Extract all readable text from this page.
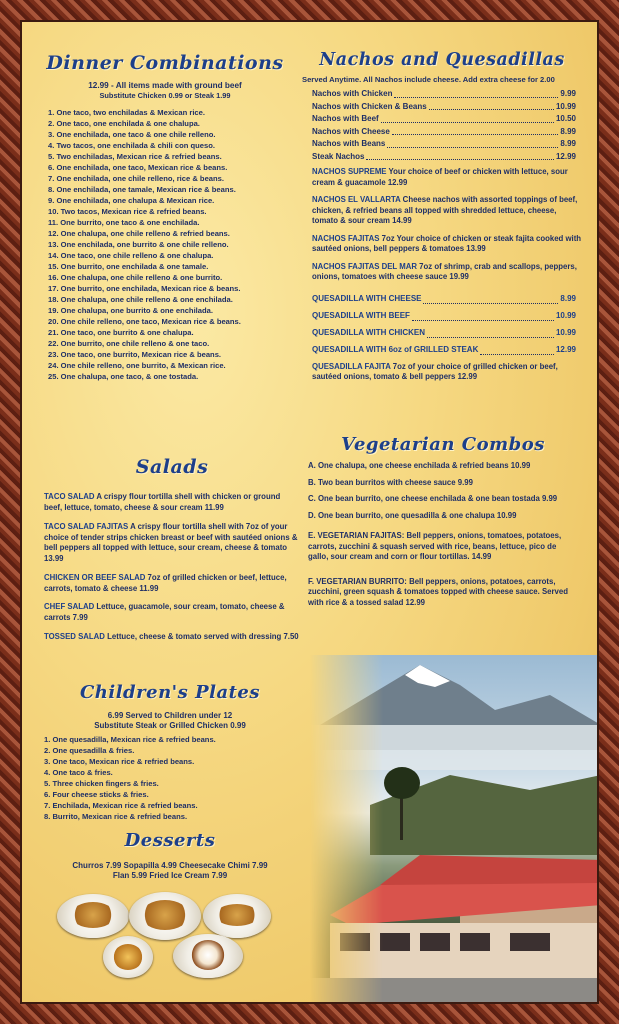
Dinner Combinations
12.99 - All items made with ground beef
Substitute Chicken 0.99 or Steak 1.99
1. One taco, two enchiladas & Mexican rice.
2. One taco, one enchilada & one chalupa.
3. One enchilada, one taco & one chile relleno.
4. Two tacos, one enchilada & chili con queso.
5. Two enchiladas, Mexican rice & refried beans.
6. One enchilada, one taco, Mexican rice & beans.
7. One enchilada, one chile relleno, rice & beans.
8. One enchilada, one tamale, Mexican rice & beans.
9. One enchilada, one chalupa & Mexican rice.
10. Two tacos, Mexican rice & refried beans.
11. One burrito, one taco & one enchilada.
12. One chalupa, one chile relleno & refried beans.
13. One enchilada, one burrito & one chile relleno.
14. One taco, one chile relleno & one chalupa.
15. One burrito, one enchilada & one tamale.
16. One chalupa, one chile relleno & one burrito.
17. One burrito, one enchilada, Mexican rice & beans.
18. One chalupa, one chile relleno & one enchilada.
19. One chalupa, one burrito & one enchilada.
20. One chile relleno, one taco, Mexican rice & beans.
21. One taco, one burrito & one chalupa.
22. One burrito, one chile relleno & one taco.
23. One taco, one burrito, Mexican rice & beans.
24. One chile relleno, one burrito, & Mexican rice.
25. One chalupa, one taco, & one tostada.
Salads
TACO SALAD A crispy flour tortilla shell with chicken or ground beef, lettuce, tomato, cheese & sour cream 11.99
TACO SALAD FAJITAS A crispy flour tortilla shell with 7oz of your choice of tender strips chicken breast or beef with sautéed onions & bell peppers all topped with lettuce, sour cream, cheese & tomato 13.99
CHICKEN OR BEEF SALAD 7oz of grilled chicken or beef, lettuce, carrots, tomato & cheese 11.99
CHEF SALAD Lettuce, guacamole, sour cream, tomato, cheese & carrots 7.99
TOSSED SALAD Lettuce, cheese & tomato served with dressing 7.50
Children's Plates
6.99 Served to Children under 12
Substitute Steak or Grilled Chicken 0.99
1. One quesadilla, Mexican rice & refried beans.
2. One quesadilla & fries.
3. One taco, Mexican rice & refried beans.
4. One taco & fries.
5. Three chicken fingers & fries.
6. Four cheese sticks & fries.
7. Enchilada, Mexican rice & refried beans.
8. Burrito, Mexican rice & refried beans.
Desserts
Churros 7.99 Sopapilla 4.99 Cheesecake Chimi 7.99
Flan 5.99 Fried Ice Cream 7.99
Nachos and Quesadillas
Served Anytime. All Nachos include cheese. Add extra cheese for 2.00
Nachos with Chicken	9.99
Nachos with Chicken & Beans	10.99
Nachos with Beef	10.50
Nachos with Cheese	8.99
Nachos with Beans	8.99
Steak Nachos	12.99
NACHOS SUPREME Your choice of beef or chicken with lettuce, sour cream & guacamole 12.99
NACHOS EL VALLARTA Cheese nachos with assorted toppings of beef, chicken, & refried beans all topped with shredded lettuce, cheese, tomato & sour cream 14.99
NACHOS FAJITAS 7oz Your choice of chicken or steak fajita cooked with sautéed onions, bell peppers & tomatoes 13.99
NACHOS FAJITAS DEL MAR 7oz of shrimp, crab and scallops, peppers, onions, tomatoes with cheese sauce 19.99
QUESADILLA WITH CHEESE	8.99
QUESADILLA WITH BEEF	10.99
QUESADILLA WITH CHICKEN	10.99
QUESADILLA WITH 6oz of GRILLED STEAK	12.99
QUESADILLA FAJITA 7oz of your choice of grilled chicken or beef, sautéed onions, tomato & bell peppers 12.99
Vegetarian Combos
A. One chalupa, one cheese enchilada & refried beans 10.99
B. Two bean burritos with cheese sauce 9.99
C. One bean burrito, one cheese enchilada & one bean tostada 9.99
D. One bean burrito, one quesadilla & one chalupa 10.99
E. VEGETARIAN FAJITAS: Bell peppers, onions, tomatoes, potatoes, carrots, zucchini & squash served with rice, beans, lettuce, pico de gallo, sour cream and corn or flour tortillas. 14.99
F. VEGETARIAN BURRITO: Bell peppers, onions, potatoes, carrots, zucchini, green squash & tomatoes topped with cheese sauce. Served with rice & a tossed salad 12.99
